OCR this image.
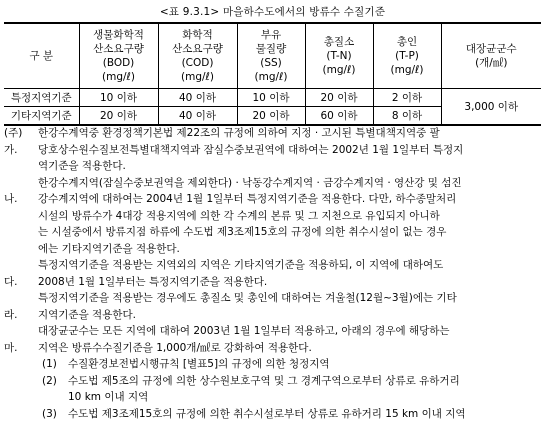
<표 9.3.1> 마을하수도에서의 방류수 수질기준
구 분	생물화학적
산소요구량
(BOD)
(mg/ℓ)	화학적
산소요구량
(COD)
(mg/ℓ)	부유
물질량
(SS)
(mg/ℓ)	총질소
(T-N)
(mg/ℓ)	총인
(T-P)
(mg/ℓ)	대장균군수
(개/㎖)

특정지역기준	10 이하	40 이하	10 이하	20 이하	2 이하	3,000 이하
기타지역기준	20 이하	40 이하	20 이하	60 이하	8 이하	
(주)가.
한강수계역중 환경정책기본법 제22조의 규정에 의하여 지정 · 고시된 특별대책지역중 팔
당호상수원수질보전특별대책지역과 잠실수중보권역에 대하여는 2002년 1월 1일부터 특정지
역기준을 적용한다.
나.
한강수계지역(잠실수중보권역을 제외한다) · 낙동강수계지역 · 금강수계지역 · 영산강 및 섬진
강수계지역에 대하여는 2004년 1월 1일부터 특정지역기준을 적용한다. 다만, 하수종말처리
시설의 방류수가 4대강 적용지역에 의한 각 수계의 본류 및 그 지천으로 유입되지 아니하
는 시설중에서 방류지점 하류에 수도법 제3조제15호의 규정에 의한 취수시설이 없는 경우
에는 기타지역기준을 적용한다.
다.
특정지역기준을 적용받는 지역외의 지역은 기타지역기준을 적용하되, 이 지역에 대하여도
2008년 1월 1일부터는 특정지역기준을 적용한다.
라.
특정지역기준을 적용받는 경우에도 총질소 및 총인에 대하여는 겨울철(12월~3월)에는 기타
지역기준을 적용한다.
마.
대장균군수는 모든 지역에 대하여 2003년 1월 1일부터 적용하고, 아래의 경우에 해당하는
지역은 방류수수질기준을 1,000개/㎖로 강화하여 적용한다.
(1) 수질환경보전법시행규칙 [별표5]의 규정에 의한 청정지역
(2) 수도법 제5조의 규정에 의한 상수원보호구역 및 그 경계구역으로부터 상류로 유하거리
10 km 이내 지역
(3) 수도법 제3조제15호의 규정에 의한 취수시설로부터 상류로 유하거리 15 km 이내 지역
